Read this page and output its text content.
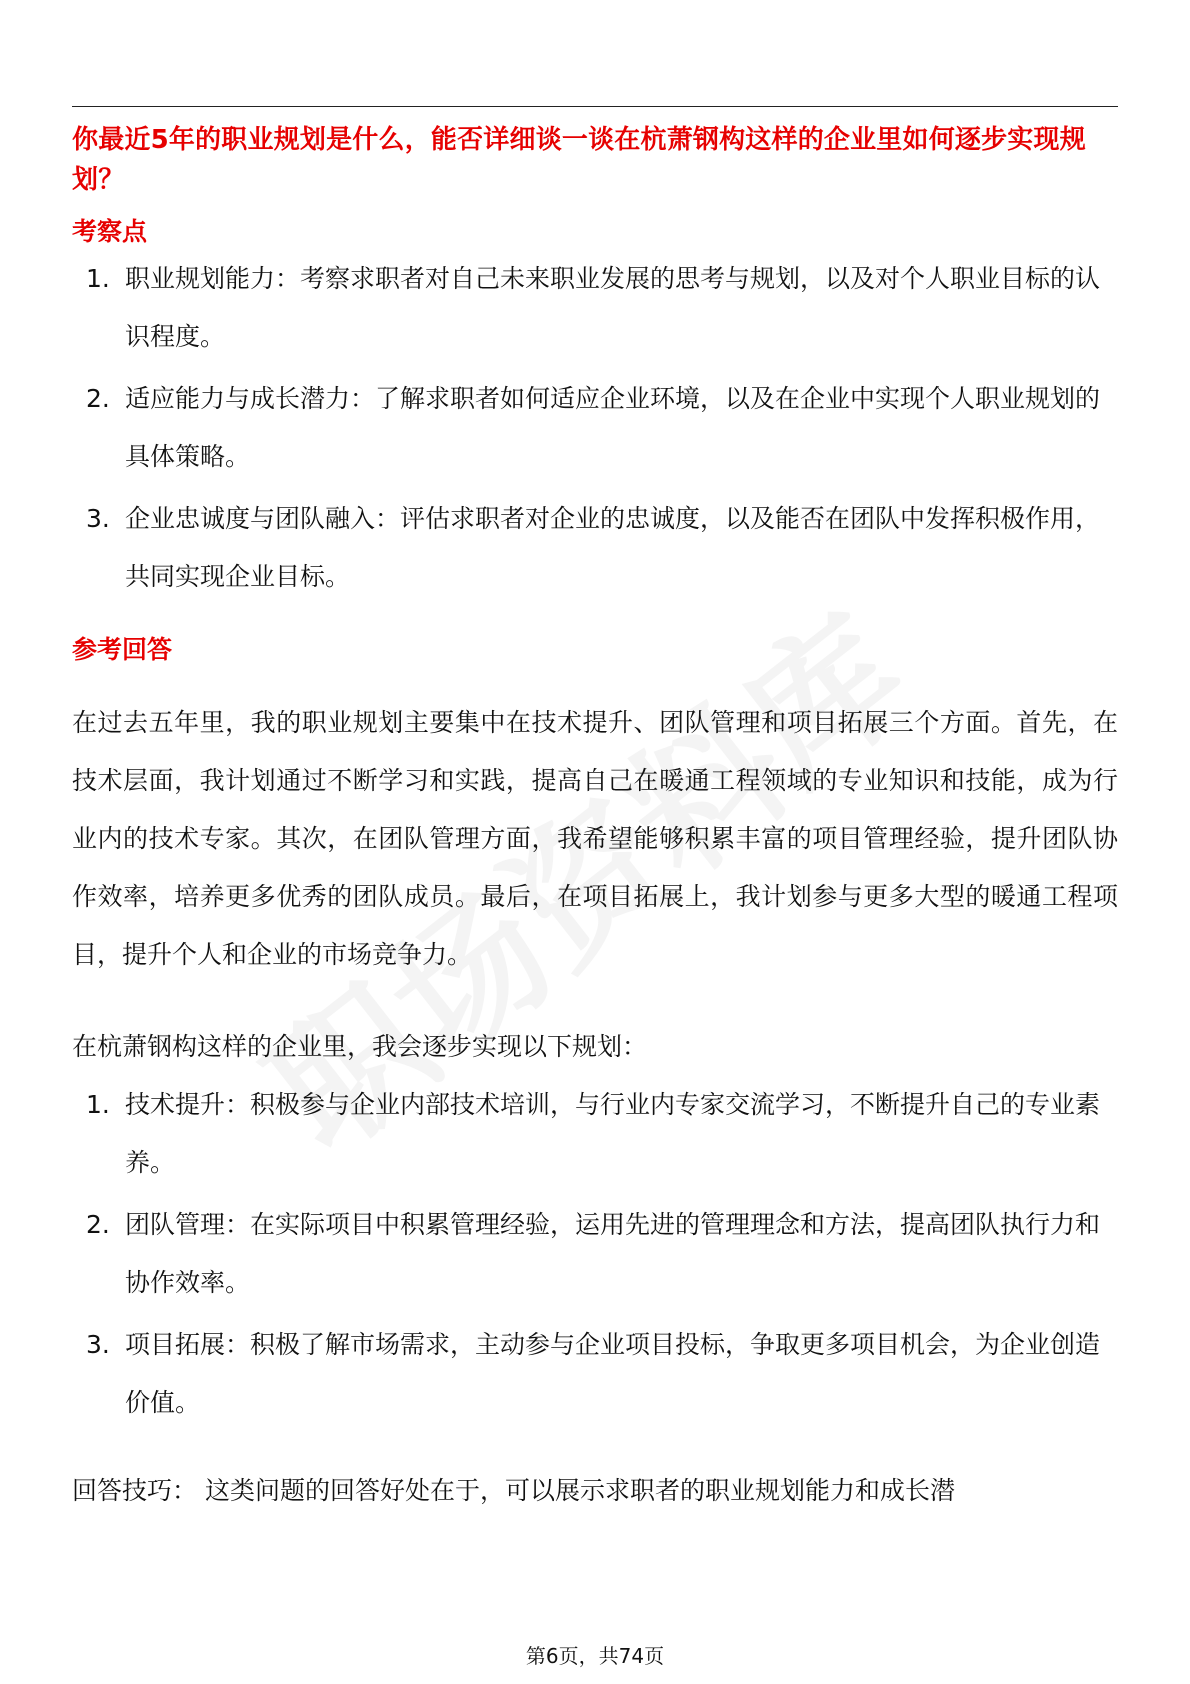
你最近5年的职业规划是什么，能否详细谈一谈在杭萧钢构这样的企业里如何逐步实现规划？

考察点

1. 职业规划能力：考察求职者对自己未来职业发展的思考与规划，以及对个人职业目标的认识程度。
2. 适应能力与成长潜力：了解求职者如何适应企业环境，以及在企业中实现个人职业规划的具体策略。
3. 企业忠诚度与团队融入：评估求职者对企业的忠诚度，以及能否在团队中发挥积极作用，共同实现企业目标。

参考回答

在过去五年里，我的职业规划主要集中在技术提升、团队管理和项目拓展三个方面。首先，在技术层面，我计划通过不断学习和实践，提高自己在暖通工程领域的专业知识和技能，成为行业内的技术专家。其次，在团队管理方面，我希望能够积累丰富的项目管理经验，提升团队协作效率，培养更多优秀的团队成员。最后，在项目拓展上，我计划参与更多大型的暖通工程项目，提升个人和企业的市场竞争力。

在杭萧钢构这样的企业里，我会逐步实现以下规划：

1. 技术提升：积极参与企业内部技术培训，与行业内专家交流学习，不断提升自己的专业素养。
2. 团队管理：在实际项目中积累管理经验，运用先进的管理理念和方法，提高团队执行力和协作效率。
3. 项目拓展：积极了解市场需求，主动参与企业项目投标，争取更多项目机会，为企业创造价值。

回答技巧： 这类问题的回答好处在于，可以展示求职者的职业规划能力和成长潜

第6页，共74页
